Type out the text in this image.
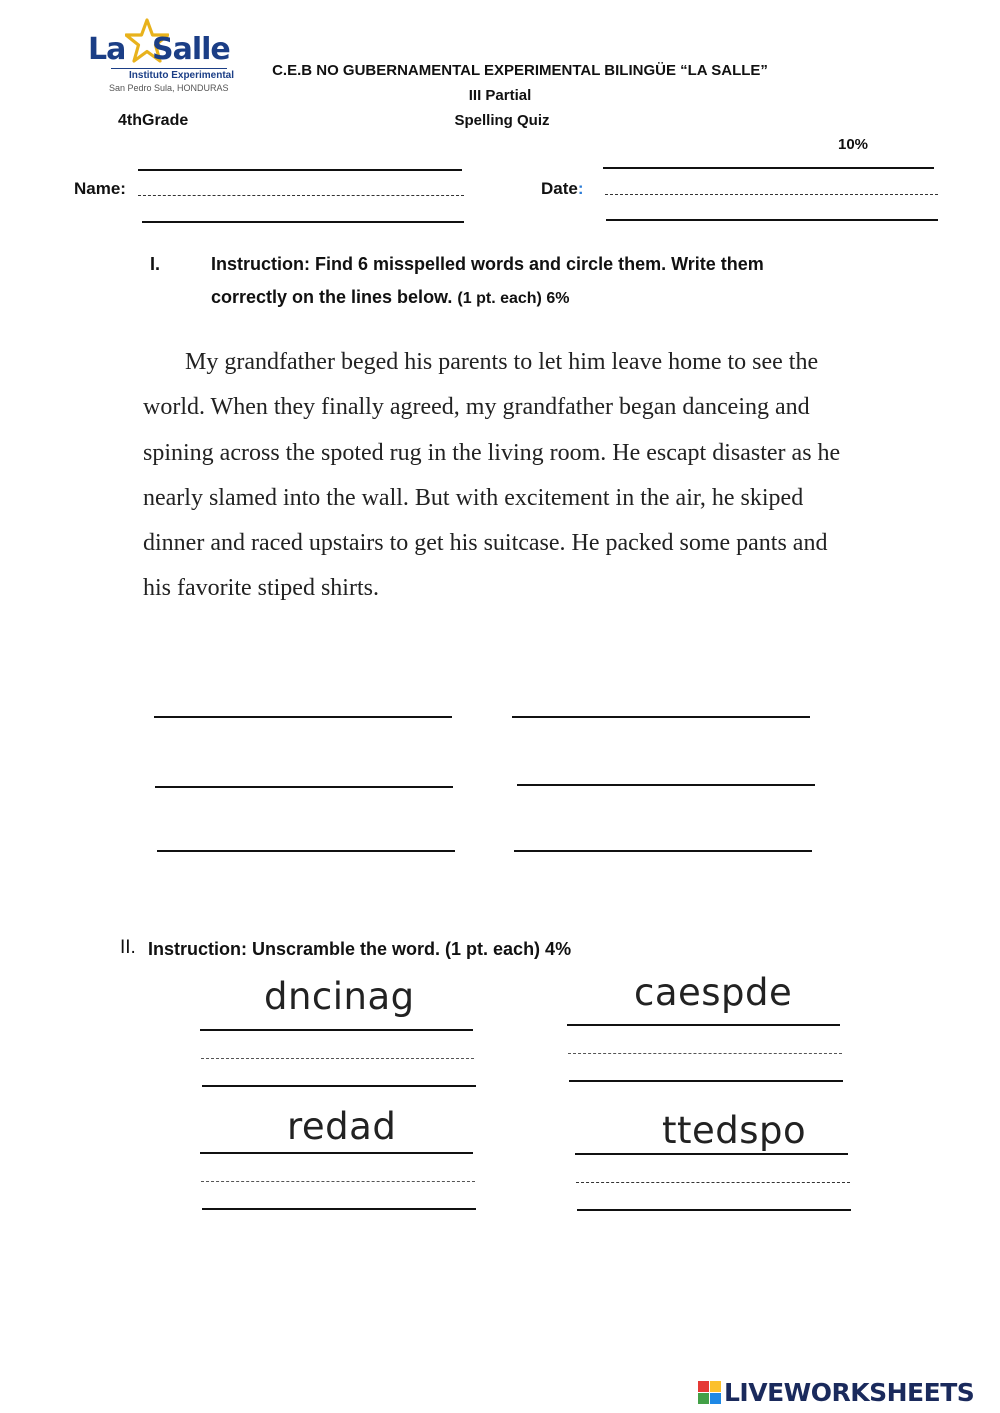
La Salle
Instituto Experimental
San Pedro Sula, HONDURAS
C.E.B NO GUBERNAMENTAL EXPERIMENTAL BILINGÜE “LA SALLE”
III Partial
4thGrade	Spelling Quiz
10%
Name:	Date:
I.	Instruction: Find 6 misspelled words and circle them. Write them
correctly on the lines below. (1 pt. each) 6%

My grandfather beged his parents to let him leave home to see the world. When they finally agreed, my grandfather began danceing and spining across the spoted rug in the living room. He escapt disaster as he nearly slamed into the wall. But with excitement in the air, he skiped dinner and raced upstairs to get his suitcase. He packed some pants and his favorite stiped shirts.

II. Instruction: Unscramble the word. (1 pt. each) 4%
dncinag	caespde
redad	ttedspo
LIVEWORKSHEETS
